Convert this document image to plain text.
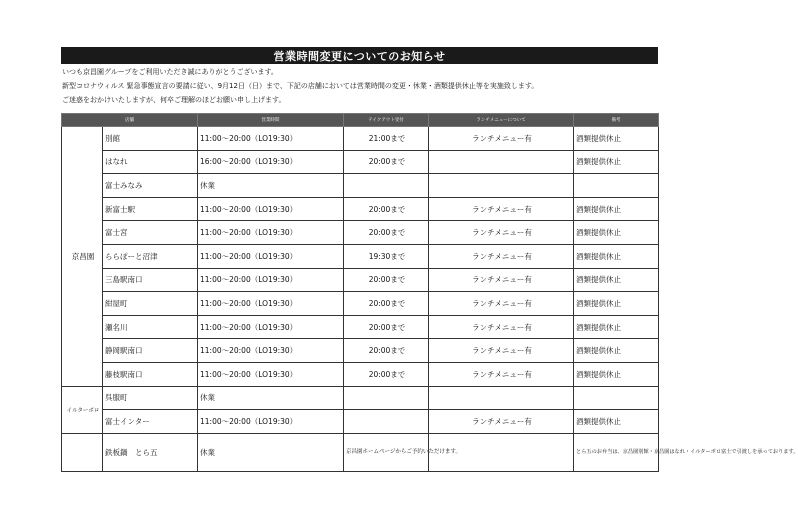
営業時間変更についてのお知らせ
いつも京昌園グループをご利用いただき誠にありがとうございます。
新型コロナウィルス 緊急事態宣言の要請に従い、9月12日（日）まで、下記の店舗においては営業時間の変更・休業・酒類提供休止等を実施致します。
ご迷惑をおかけいたしますが、何卒ご理解のほどお願い申し上げます。
店舗		営業時間	テイクアウト受付	ランチメニューについて	備考
京昌園	別館	11:00～20:00（LO19:30）	21:00まで	ランチメニュー有	酒類提供休止
	はなれ	16:00～20:00（LO19:30）	20:00まで		酒類提供休止
	富士みなみ	休業			
	新富士駅	11:00～20:00（LO19:30）	20:00まで	ランチメニュー有	酒類提供休止
	富士宮	11:00～20:00（LO19:30）	20:00まで	ランチメニュー有	酒類提供休止
	ららぽーと沼津	11:00～20:00（LO19:30）	19:30まで	ランチメニュー有	酒類提供休止
	三島駅南口	11:00～20:00（LO19:30）	20:00まで	ランチメニュー有	酒類提供休止
	紺屋町	11:00～20:00（LO19:30）	20:00まで	ランチメニュー有	酒類提供休止
	瀬名川	11:00～20:00（LO19:30）	20:00まで	ランチメニュー有	酒類提供休止
	静岡駅南口	11:00～20:00（LO19:30）	20:00まで	ランチメニュー有	酒類提供休止
	藤枝駅南口	11:00～20:00（LO19:30）	20:00まで	ランチメニュー有	酒類提供休止
イルターボロ	呉服町	休業			
	富士インター	11:00～20:00（LO19:30）		ランチメニュー有	酒類提供休止
	鉄板鍋　とら五	休業	京昌園ホームページからご予約いただけます。		とら五のお弁当は、京昌園別館・京昌園はなれ・イルターボロ富士で引渡しを承っております。
